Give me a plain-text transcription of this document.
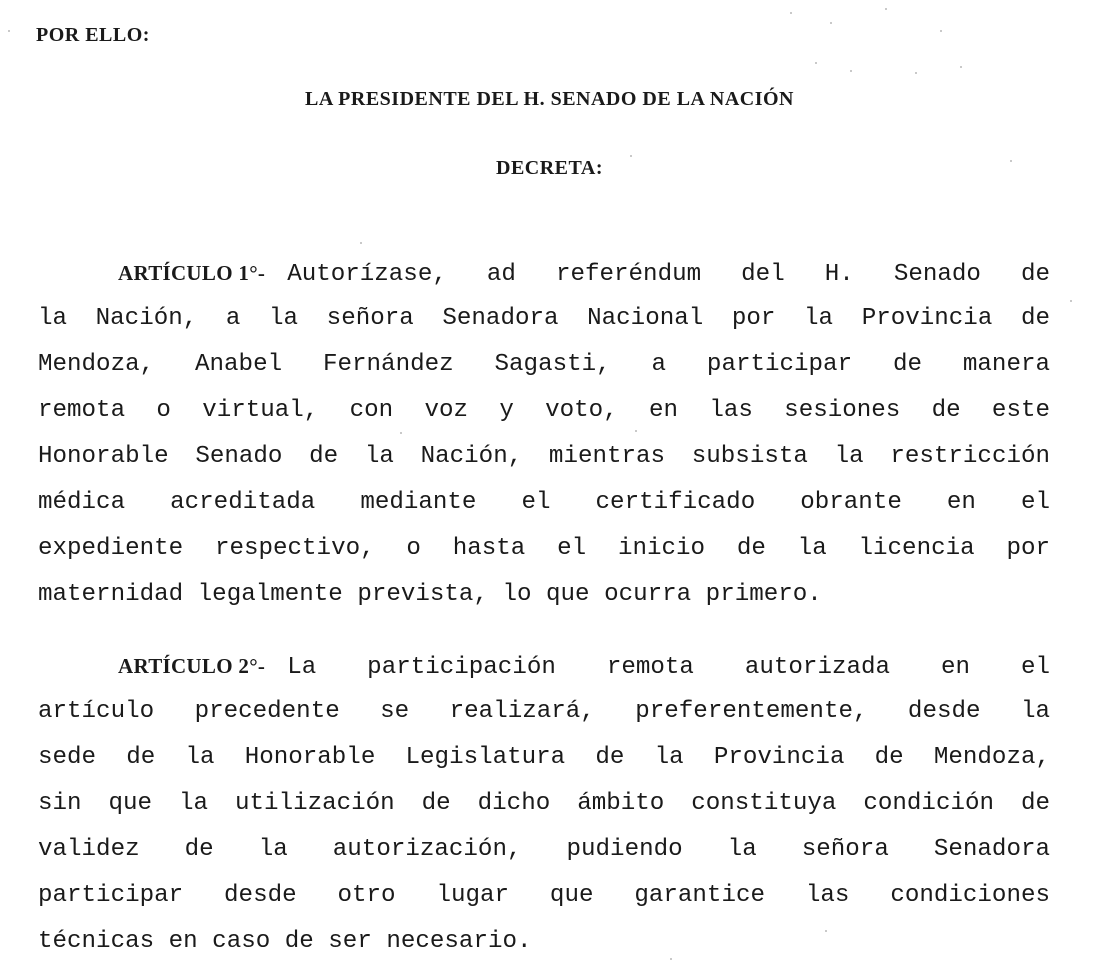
POR ELLO:
LA PRESIDENTE DEL H. SENADO DE LA NACIÓN
DECRETA:
ARTÍCULO 1°- Autorízase, ad referéndum del H. Senado de
la Nación, a la señora Senadora Nacional por la Provincia de
Mendoza, Anabel Fernández Sagasti, a participar de manera
remota o virtual, con voz y voto, en las sesiones de este
Honorable Senado de la Nación, mientras subsista la restricción
médica acreditada mediante el certificado obrante en el
expediente respectivo, o hasta el inicio de la licencia por
maternidad legalmente prevista, lo que ocurra primero.
ARTÍCULO 2°- La participación remota autorizada en el
artículo precedente se realizará, preferentemente, desde la
sede de la Honorable Legislatura de la Provincia de Mendoza,
sin que la utilización de dicho ámbito constituya condición de
validez de la autorización, pudiendo la señora Senadora
participar desde otro lugar que garantice las condiciones
técnicas en caso de ser necesario.
